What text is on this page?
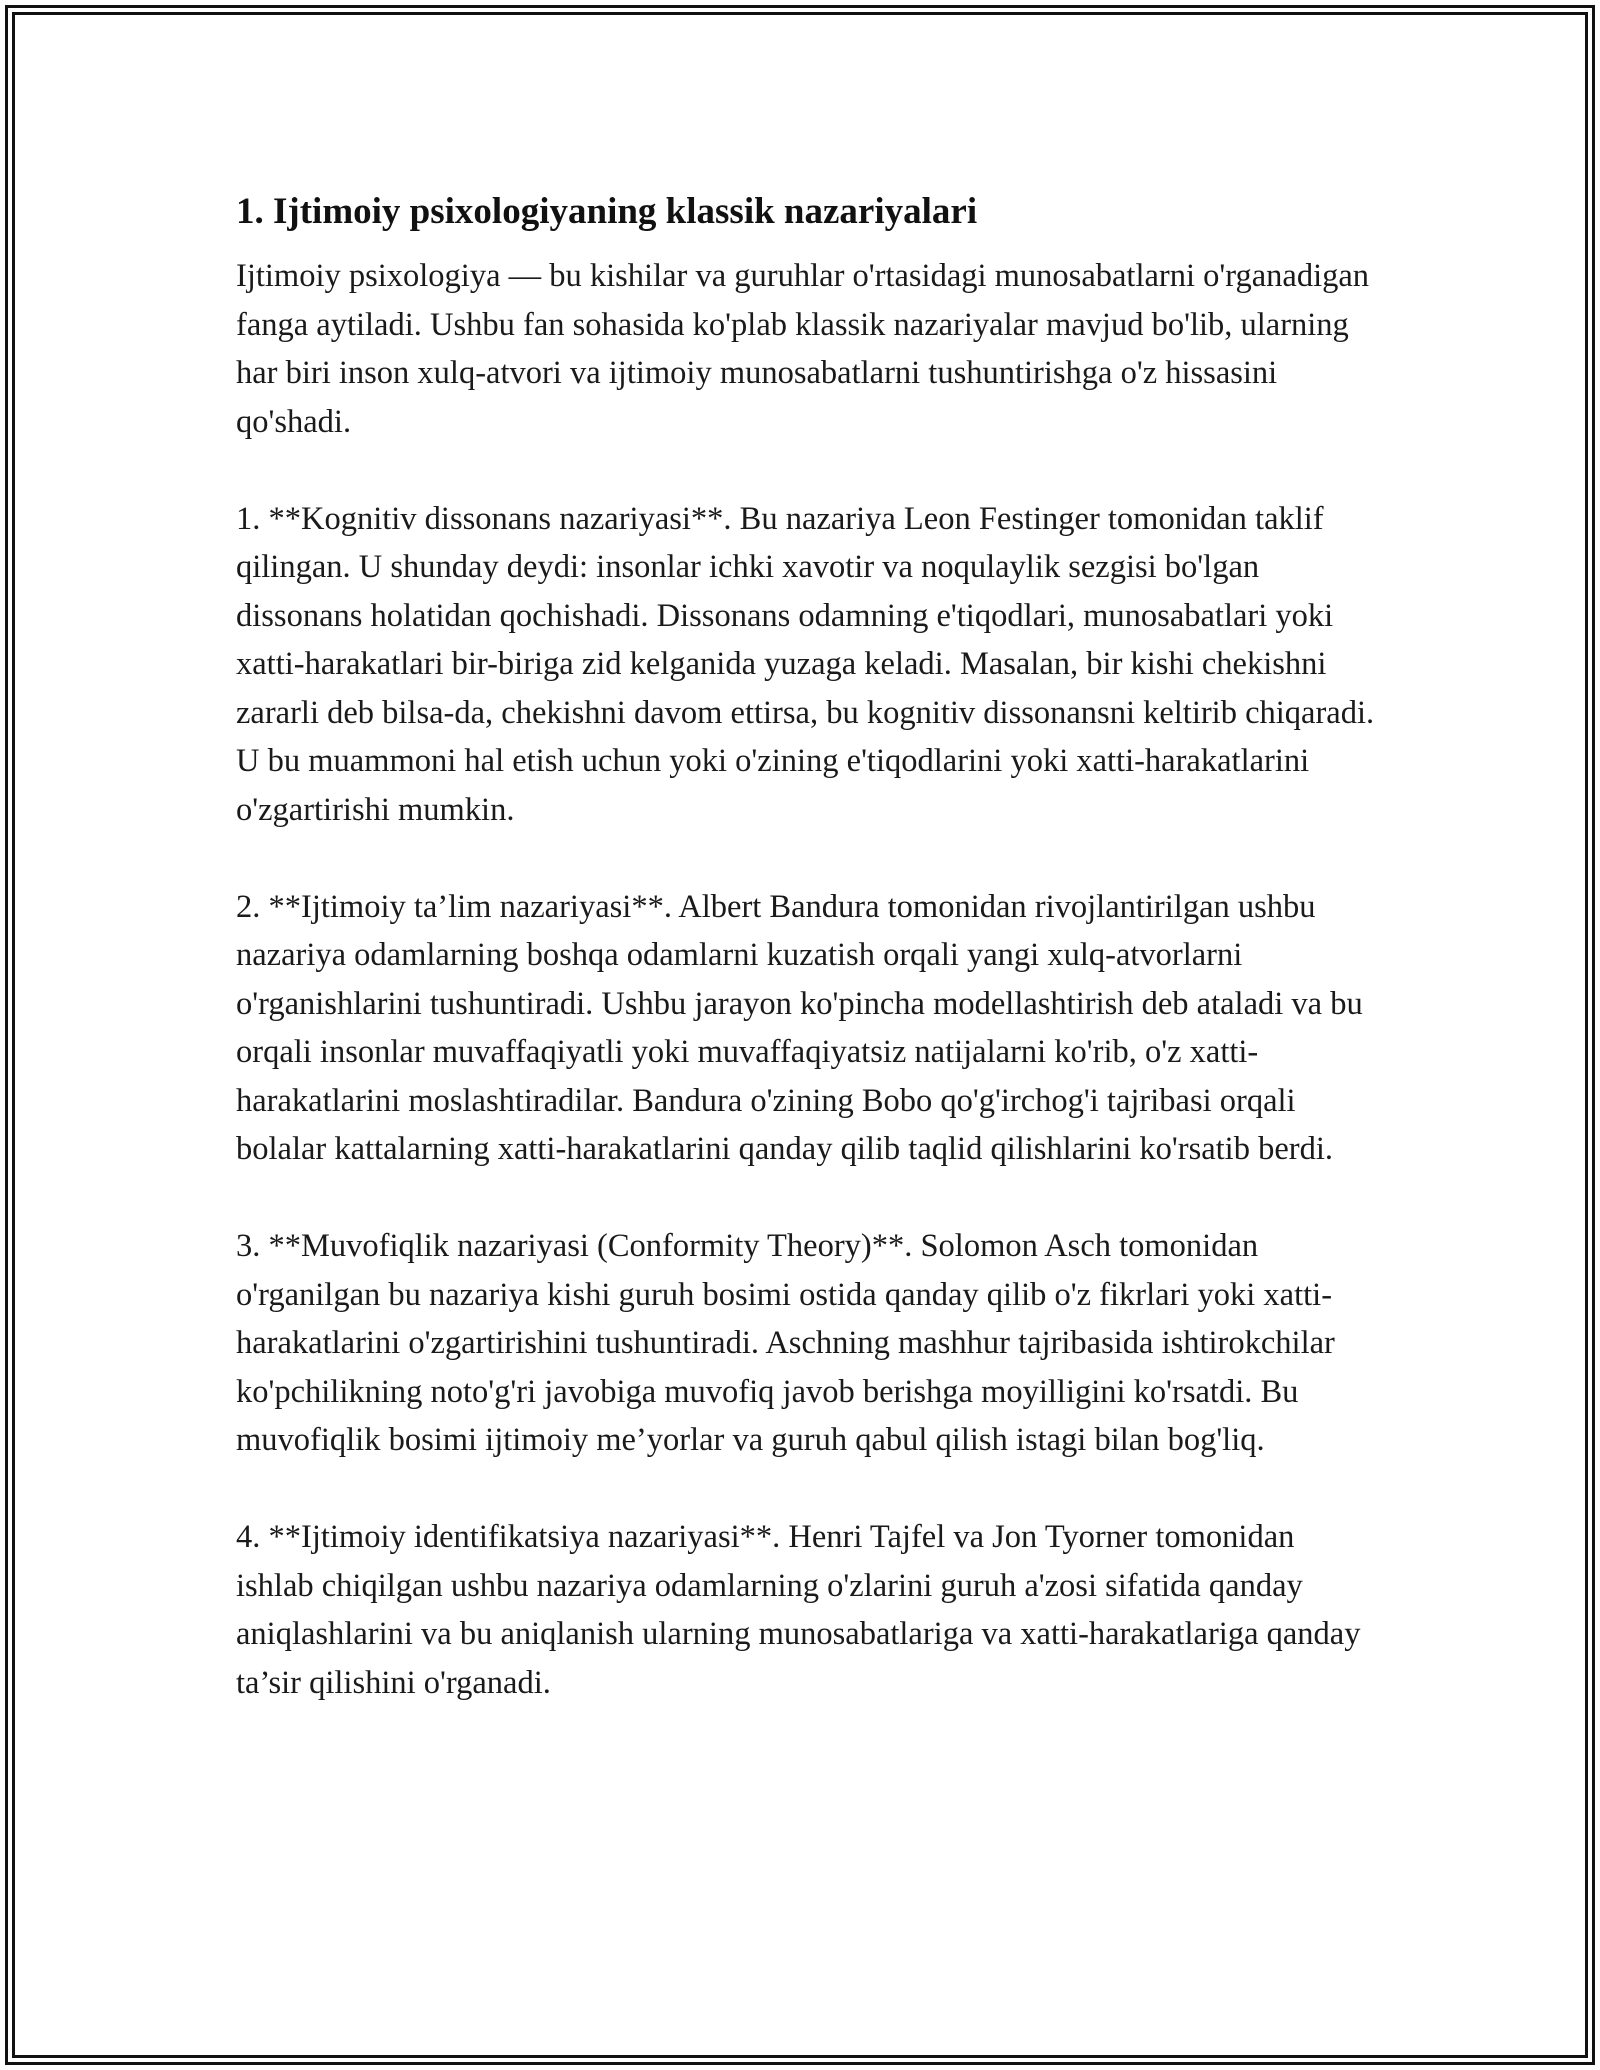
1. Ijtimoiy psixologiyaning klassik nazariyalari

Ijtimoiy psixologiya — bu kishilar va guruhlar o'rtasidagi munosabatlarni o'rganadigan fanga aytiladi. Ushbu fan sohasida ko'plab klassik nazariyalar mavjud bo'lib, ularning har biri inson xulq-atvori va ijtimoiy munosabatlarni tushuntirishga o'z hissasini qo'shadi.

1. **Kognitiv dissonans nazariyasi**. Bu nazariya Leon Festinger tomonidan taklif qilingan. U shunday deydi: insonlar ichki xavotir va noqulaylik sezgisi bo'lgan dissonans holatidan qochishadi. Dissonans odamning e'tiqodlari, munosabatlari yoki xatti-harakatlari bir-biriga zid kelganida yuzaga keladi. Masalan, bir kishi chekishni zararli deb bilsa-da, chekishni davom ettirsa, bu kognitiv dissonansni keltirib chiqaradi. U bu muammoni hal etish uchun yoki o'zining e'tiqodlarini yoki xatti-harakatlarini o'zgartirishi mumkin.

2. **Ijtimoiy ta’lim nazariyasi**. Albert Bandura tomonidan rivojlantirilgan ushbu nazariya odamlarning boshqa odamlarni kuzatish orqali yangi xulq-atvorlarni o'rganishlarini tushuntiradi. Ushbu jarayon ko'pincha modellashtirish deb ataladi va bu orqali insonlar muvaffaqiyatli yoki muvaffaqiyatsiz natijalarni ko'rib, o'z xatti-harakatlarini moslashtiradilar. Bandura o'zining Bobo qo'g'irchog'i tajribasi orqali bolalar kattalarning xatti-harakatlarini qanday qilib taqlid qilishlarini ko'rsatib berdi.

3. **Muvofiqlik nazariyasi (Conformity Theory)**. Solomon Asch tomonidan o'rganilgan bu nazariya kishi guruh bosimi ostida qanday qilib o'z fikrlari yoki xatti-harakatlarini o'zgartirishini tushuntiradi. Aschning mashhur tajribasida ishtirokchilar ko'pchilikning noto'g'ri javobiga muvofiq javob berishga moyilligini ko'rsatdi. Bu muvofiqlik bosimi ijtimoiy me’yorlar va guruh qabul qilish istagi bilan bog'liq.

4. **Ijtimoiy identifikatsiya nazariyasi**. Henri Tajfel va Jon Tyorner tomonidan ishlab chiqilgan ushbu nazariya odamlarning o'zlarini guruh a'zosi sifatida qanday aniqlashlarini va bu aniqlanish ularning munosabatlariga va xatti-harakatlariga qanday ta’sir qilishini o'rganadi.
